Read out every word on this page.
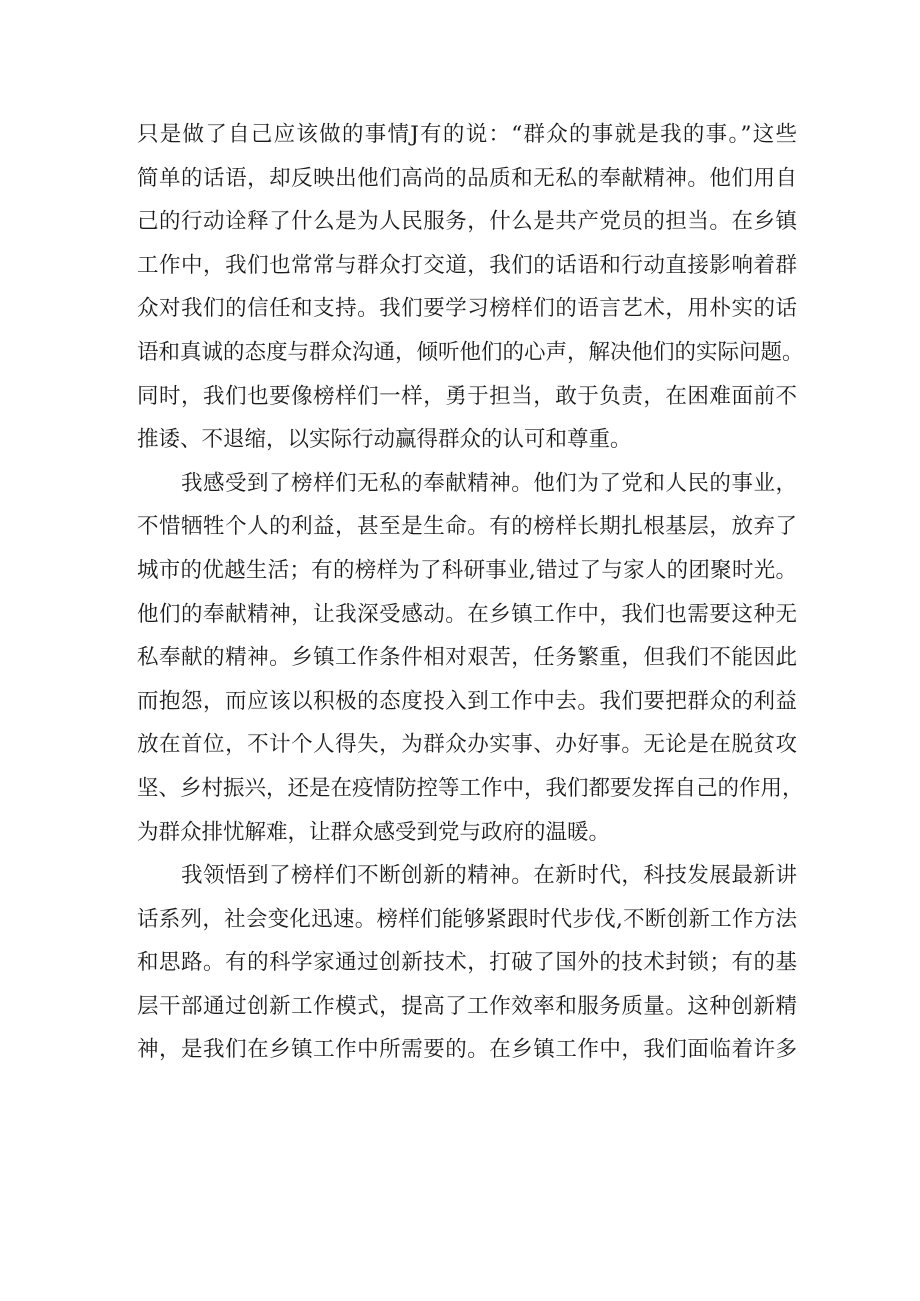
只是做了自己应该做的事情J有的说：“群众的事就是我的事。”这些
简单的话语，却反映出他们高尚的品质和无私的奉献精神。他们用自
己的行动诠释了什么是为人民服务，什么是共产党员的担当。在乡镇
工作中，我们也常常与群众打交道，我们的话语和行动直接影响着群
众对我们的信任和支持。我们要学习榜样们的语言艺术，用朴实的话
语和真诚的态度与群众沟通，倾听他们的心声，解决他们的实际问题。
同时，我们也要像榜样们一样，勇于担当，敢于负责，在困难面前不
推诿、不退缩，以实际行动赢得群众的认可和尊重。
我感受到了榜样们无私的奉献精神。他们为了党和人民的事业，
不惜牺牲个人的利益，甚至是生命。有的榜样长期扎根基层，放弃了
城市的优越生活；有的榜样为了科研事业,错过了与家人的团聚时光。
他们的奉献精神，让我深受感动。在乡镇工作中，我们也需要这种无
私奉献的精神。乡镇工作条件相对艰苦，任务繁重，但我们不能因此
而抱怨，而应该以积极的态度投入到工作中去。我们要把群众的利益
放在首位，不计个人得失，为群众办实事、办好事。无论是在脱贫攻
坚、乡村振兴，还是在疫情防控等工作中，我们都要发挥自己的作用，
为群众排忧解难，让群众感受到党与政府的温暖。
我领悟到了榜样们不断创新的精神。在新时代，科技发展最新讲
话系列，社会变化迅速。榜样们能够紧跟时代步伐,不断创新工作方法
和思路。有的科学家通过创新技术，打破了国外的技术封锁；有的基
层干部通过创新工作模式，提高了工作效率和服务质量。这种创新精
神，是我们在乡镇工作中所需要的。在乡镇工作中，我们面临着许多
